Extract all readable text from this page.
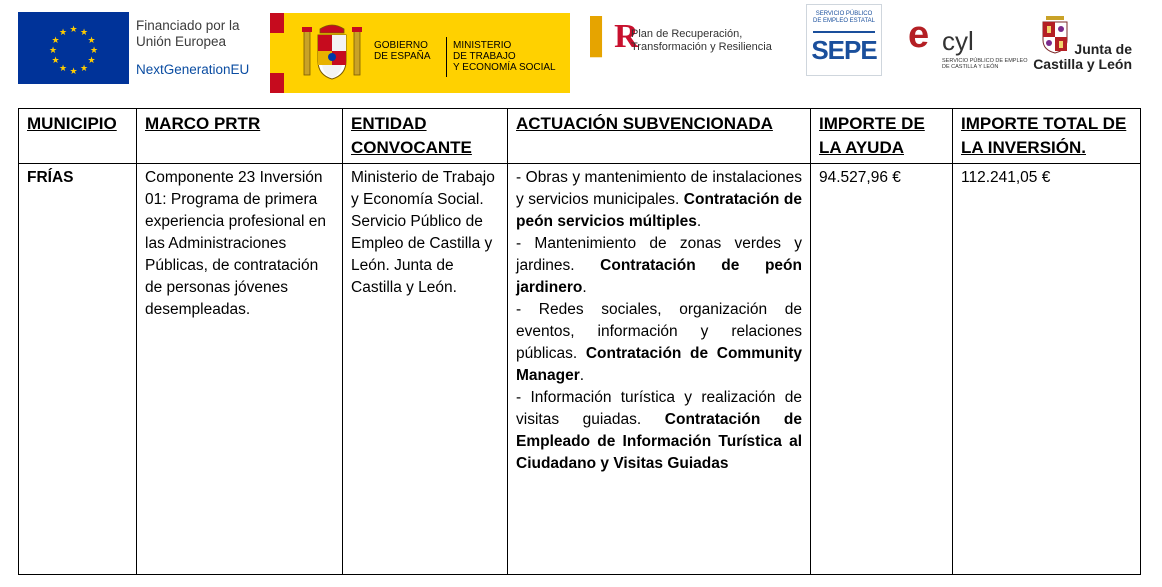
★ ★
★
★
★
★
★
★
★
★
★
★	Financiado por la
Unión Europea
NextGenerationEU
GOBIERNO
DE ESPAÑA
MINISTERIO
DE TRABAJO
Y ECONOMÍA SOCIAL
▌R
Plan de Recuperación,
Transformación y Resiliencia
SERVICIO PÚBLICO
DE EMPLEO ESTATAL
SEPE e cyl
SERVICIO PÚBLICO DE EMPLEO
DE CASTILLA Y LEÓN
Junta de
Castilla y León
MUNICIPIO	MARCO PRTR	ENTIDAD CONVOCANTE	ACTUACIÓN SUBVENCIONADA	IMPORTE DE LA AYUDA	IMPORTE TOTAL DE LA INVERSIÓN.
FRÍAS	Componente 23 Inversión 01: Programa de primera experiencia profesional en las Administraciones Públicas, de contratación de personas jóvenes desempleadas.	Ministerio de Trabajo y Economía Social. Servicio Público de Empleo de Castilla y León. Junta de Castilla y León.	- Obras y mantenimiento de instalaciones y servicios municipales. Contratación de peón servicios múltiples.

- Mantenimiento de zonas verdes y jardines. Contratación de peón jardinero.

- Redes sociales, organización de eventos, información y relaciones públicas. Contratación de Community Manager.

- Información turística y realización de visitas guiadas. Contratación de Empleado de Información Turística al Ciudadano y Visitas Guiadas	94.527,96 €	112.241,05 €
